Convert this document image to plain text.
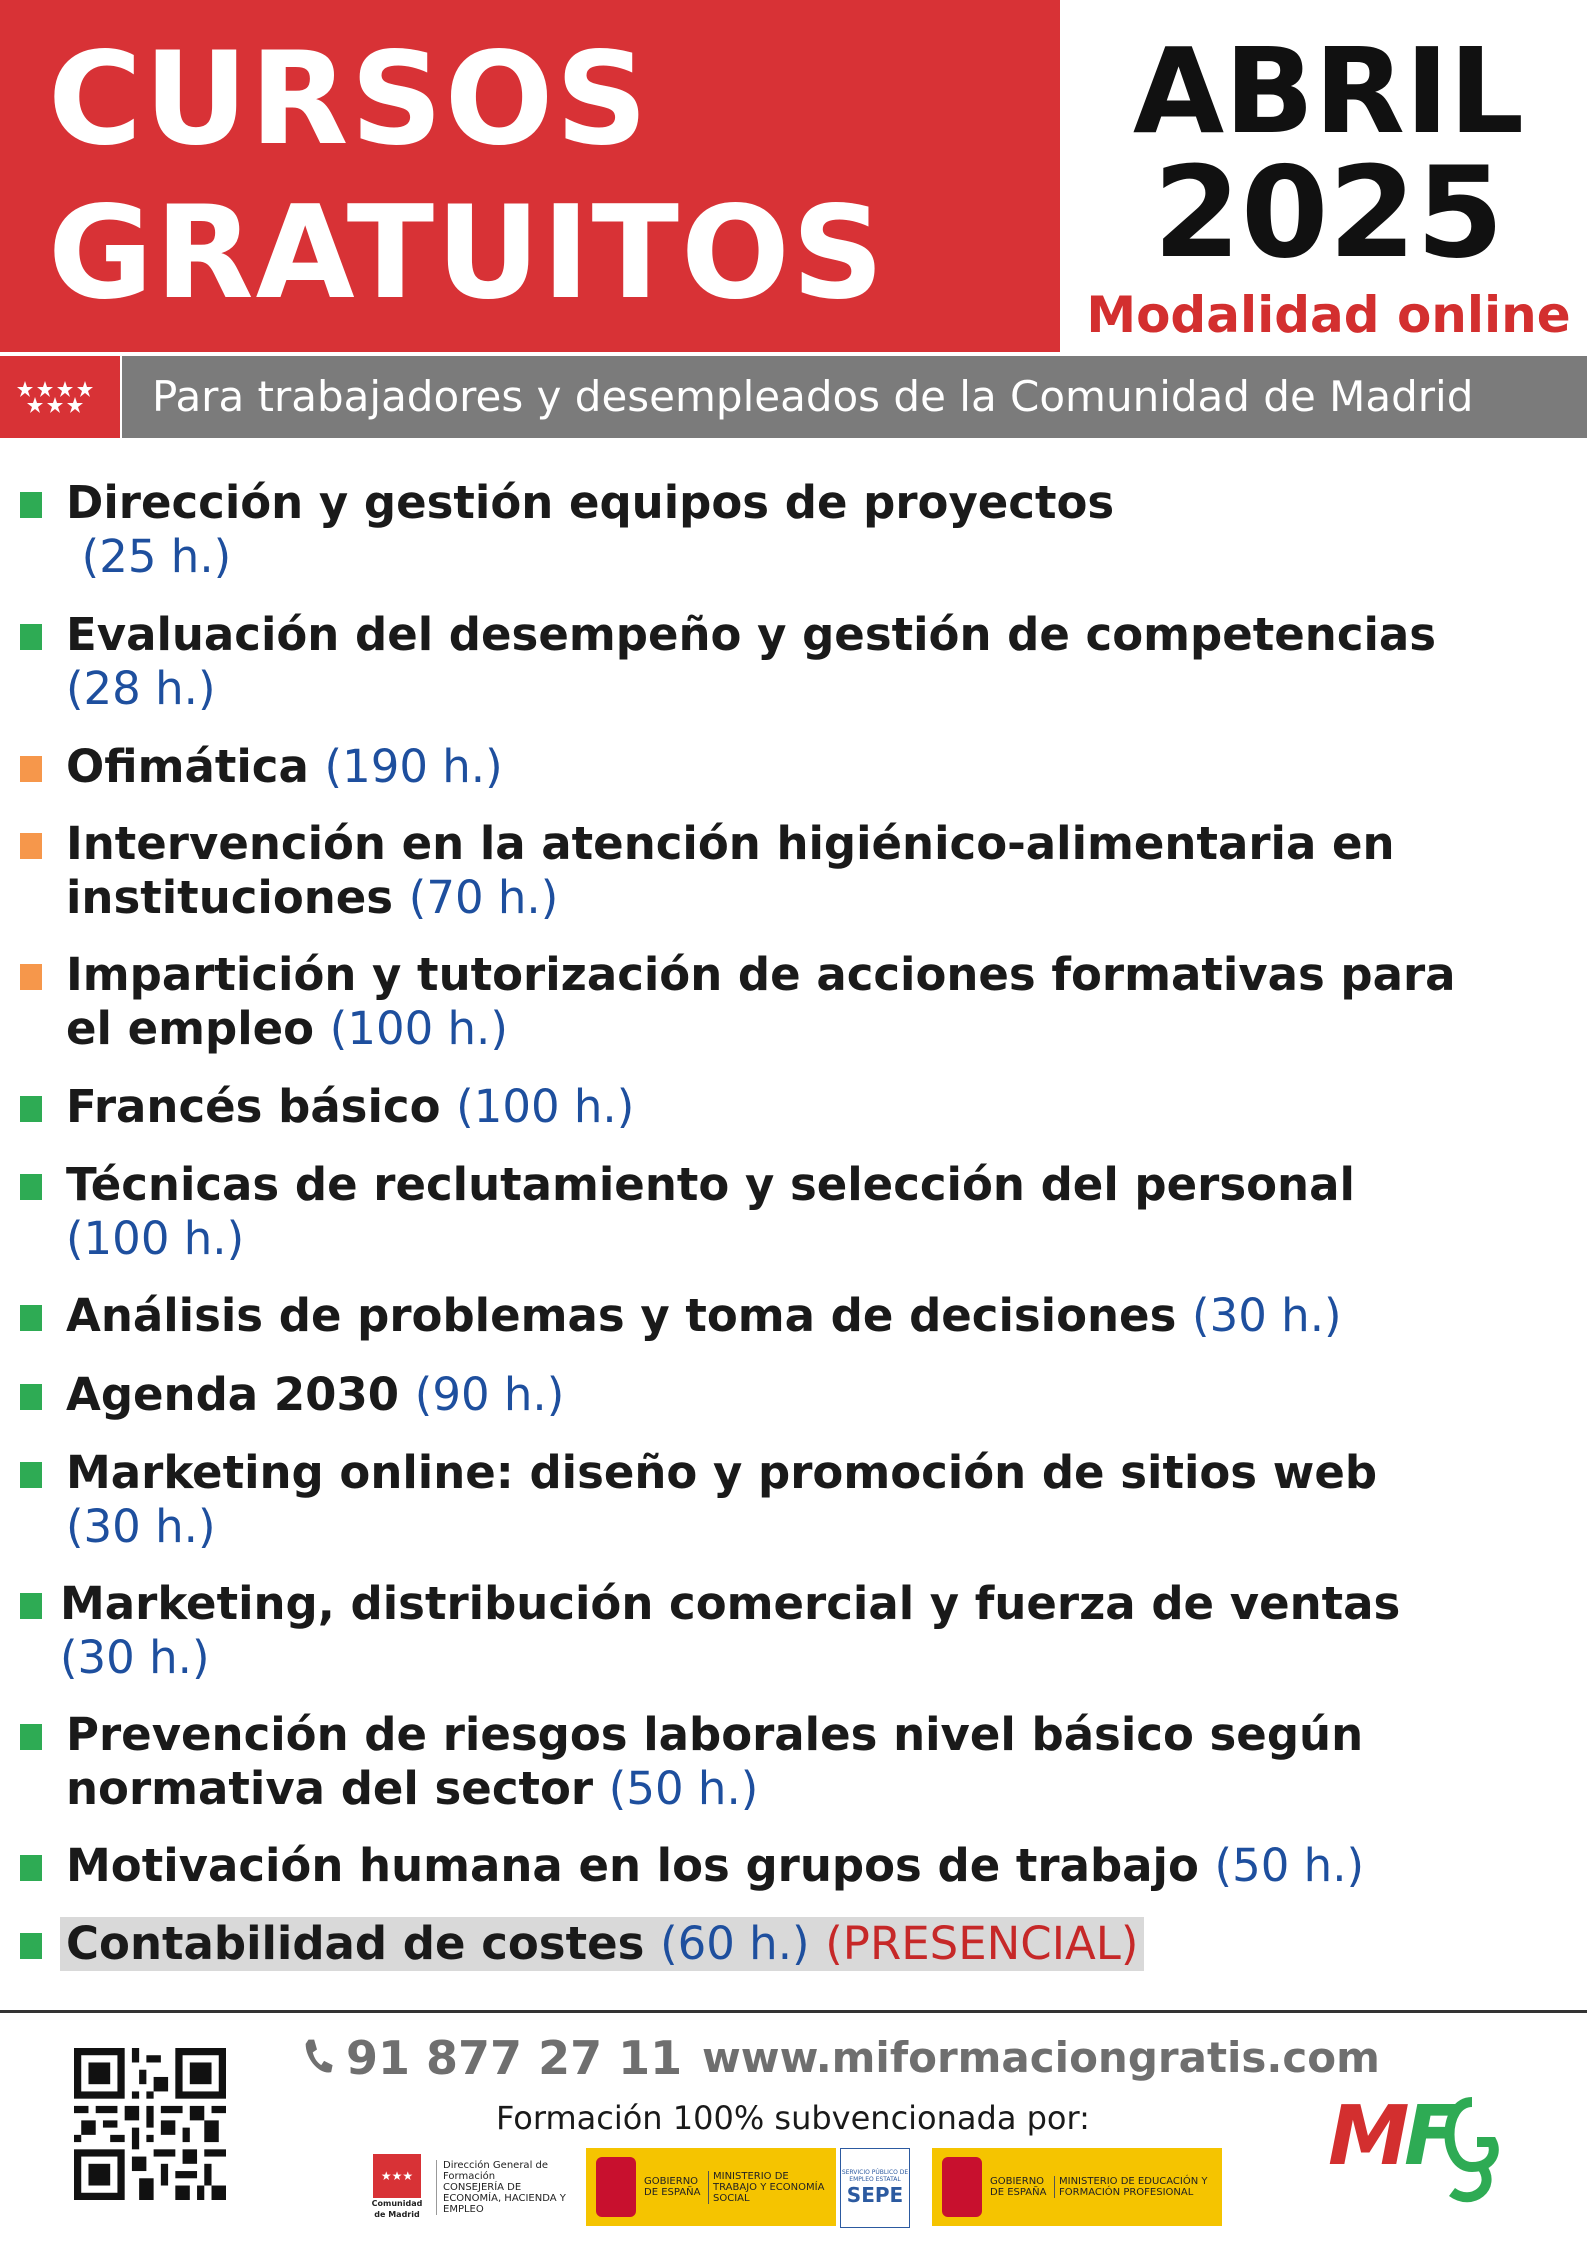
CURSOS
GRATUITOS
ABRIL
2025
Modalidad online
Para trabajadores y desempleados de la Comunidad de Madrid
Dirección y gestión equipos de proyectos
(25 h.)
Evaluación del desempeño y gestión de competencias
(28 h.)
Ofimática (190 h.)
Intervención en la atención higiénico-alimentaria en
instituciones (70 h.)
Impartición y tutorización de acciones formativas para
el empleo (100 h.)
Francés básico (100 h.)
Técnicas de reclutamiento y selección del personal
(100 h.)
Análisis de problemas y toma de decisiones (30 h.)
Agenda 2030 (90 h.)
Marketing online: diseño y promoción de sitios web
(30 h.)
Marketing, distribución comercial y fuerza de ventas
(30 h.)
Prevención de riesgos laborales nivel básico según
normativa del sector (50 h.)
Motivación humana en los grupos de trabajo (50 h.)
Contabilidad de costes (60 h.) (PRESENCIAL)
91 877 27 11 www.miformaciongratis.com
Formación 100% subvencionada por:
★★★
Comunidad de Madrid
Dirección General de Formación
CONSEJERÍA DE ECONOMÍA, HACIENDA Y EMPLEO
GOBIERNO DE ESPAÑA
MINISTERIO DE TRABAJO Y ECONOMÍA SOCIAL
SERVICIO PÚBLICO DE EMPLEO ESTATAL
SEPE
GOBIERNO DE ESPAÑA
MINISTERIO DE EDUCACIÓN Y FORMACIÓN PROFESIONAL
M
F
